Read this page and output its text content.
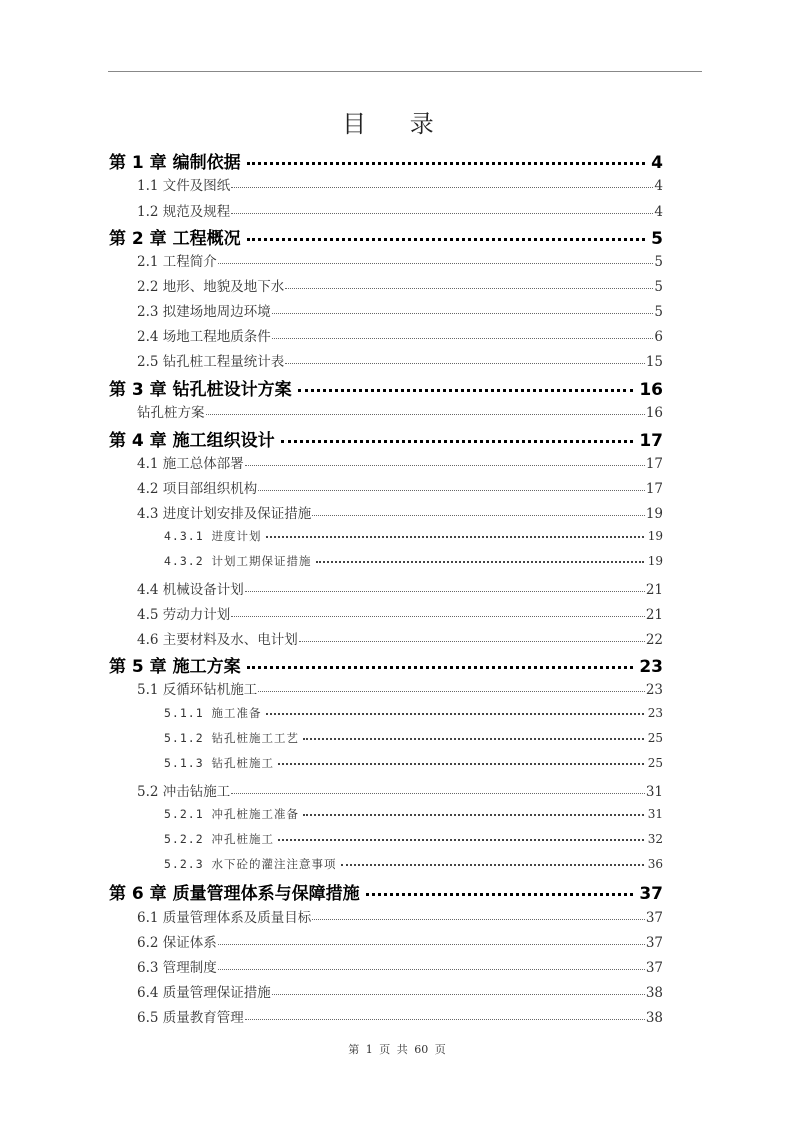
目 录
第 1 章 编制依据	4
1.1 文件及图纸	4
1.2 规范及规程	4
第 2 章 工程概况	5
2.1 工程简介	5
2.2 地形、地貌及地下水	5
2.3 拟建场地周边环境	5
2.4 场地工程地质条件	6
2.5 钻孔桩工程量统计表	15
第 3 章 钻孔桩设计方案	16
钻孔桩方案	16
第 4 章 施工组织设计	17
4.1 施工总体部署	17
4.2 项目部组织机构	17
4.3 进度计划安排及保证措施	19
4.3.1 进度计划	19
4.3.2 计划工期保证措施	19
4.4 机械设备计划	21
4.5 劳动力计划	21
4.6 主要材料及水、电计划	22
第 5 章 施工方案	23
5.1 反循环钻机施工	23
5.1.1 施工准备	23
5.1.2 钻孔桩施工工艺	25
5.1.3 钻孔桩施工	25
5.2 冲击钻施工	31
5.2.1 冲孔桩施工准备	31
5.2.2 冲孔桩施工	32
5.2.3 水下砼的灌注注意事项	36
第 6 章 质量管理体系与保障措施	37
6.1 质量管理体系及质量目标	37
6.2 保证体系	37
6.3 管理制度	37
6.4 质量管理保证措施	38
6.5 质量教育管理	38
第 1 页 共 60 页
